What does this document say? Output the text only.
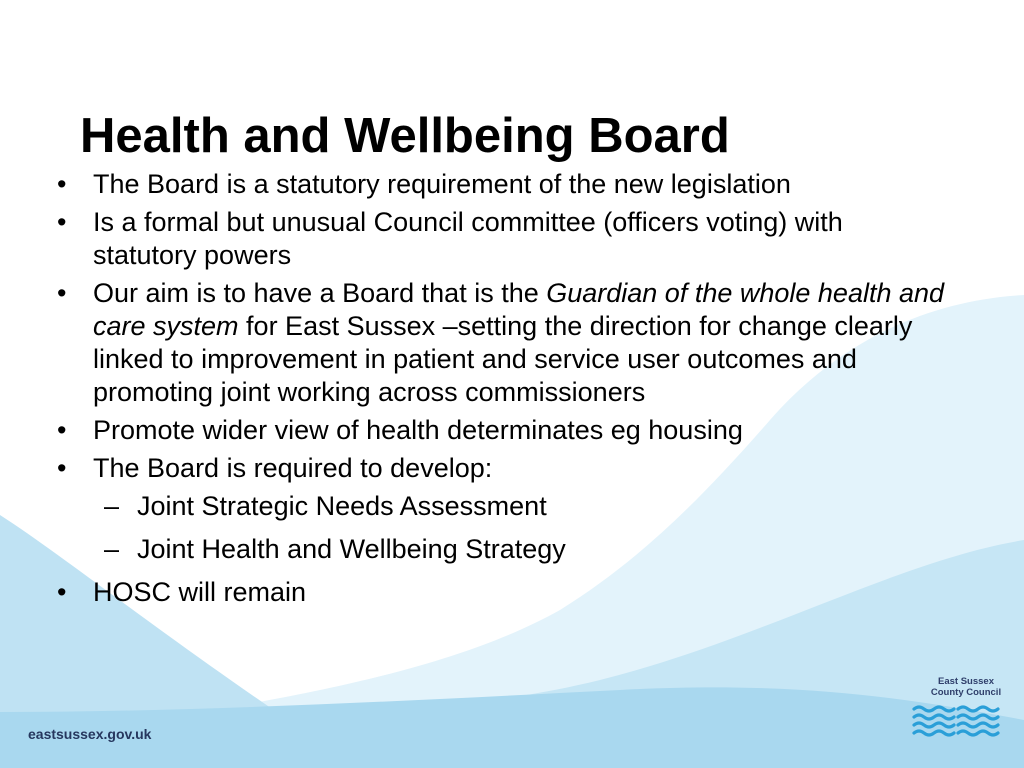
Health and Wellbeing Board
• The Board is a statutory requirement of the new legislation
• Is a formal but unusual Council committee (officers voting) with statutory powers
• Our aim is to have a Board that is the Guardian of the whole health and care system for East Sussex –setting the direction for change clearly linked to improvement in patient and service user outcomes and promoting joint working across commissioners
• Promote wider view of health determinates eg housing
• The Board is required to develop:
– Joint Strategic Needs Assessment
– Joint Health and Wellbeing Strategy
• HOSC will remain
eastsussex.gov.uk
East Sussex
County Council
